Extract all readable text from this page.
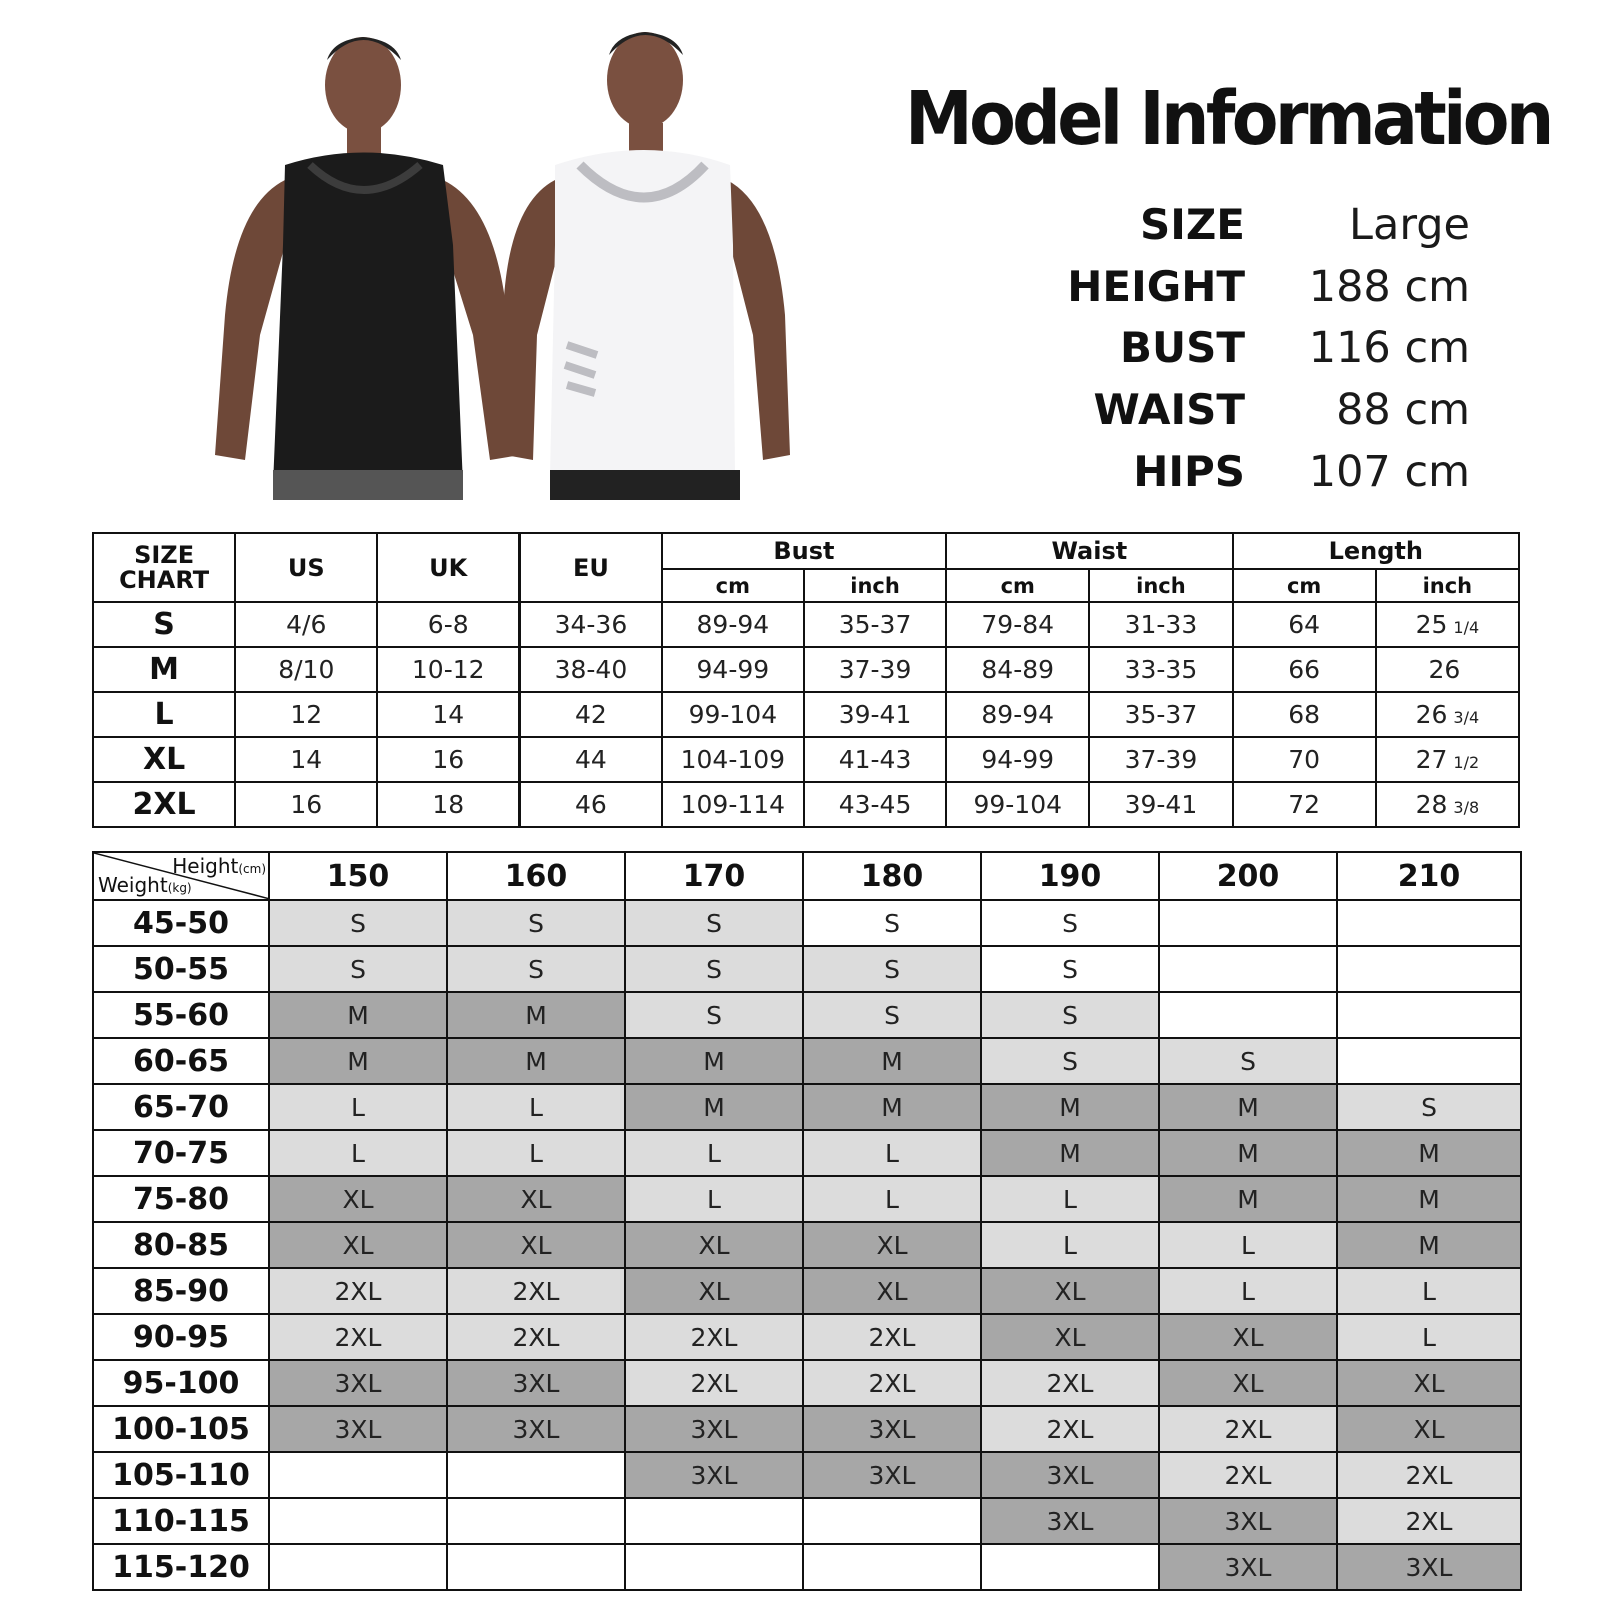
Model Information
SIZE Large
HEIGHT 188 cm
BUST 116 cm
WAIST 88 cm
HIPS 107 cm
SIZE
CHART	US	UK	EU	Bust		Waist		Length	
				cm	inch	cm	inch	cm	inch
S	4/6	6-8	34-36	89-94	35-37	79-84	31-33	64	25 1/4
M	8/10	10-12	38-40	94-99	37-39	84-89	33-35	66	26
L	12	14	42	99-104	39-41	89-94	35-37	68	26 3/4
XL	14	16	44	104-109	41-43	94-99	37-39	70	27 1/2
2XL	16	18	46	109-114	43-45	99-104	39-41	72	28 3/8
Height(cm)
Weight(kg)	150	160	170	180	190	200	210
45-50	S	S	S	S	S		
50-55	S	S	S	S	S		
55-60	M	M	S	S	S		
60-65	M	M	M	M	S	S	
65-70	L	L	M	M	M	M	S
70-75	L	L	L	L	M	M	M
75-80	XL	XL	L	L	L	M	M
80-85	XL	XL	XL	XL	L	L	M
85-90	2XL	2XL	XL	XL	XL	L	L
90-95	2XL	2XL	2XL	2XL	XL	XL	L
95-100	3XL	3XL	2XL	2XL	2XL	XL	XL
100-105	3XL	3XL	3XL	3XL	2XL	2XL	XL
105-110			3XL	3XL	3XL	2XL	2XL
110-115					3XL	3XL	2XL
115-120						3XL	3XL
